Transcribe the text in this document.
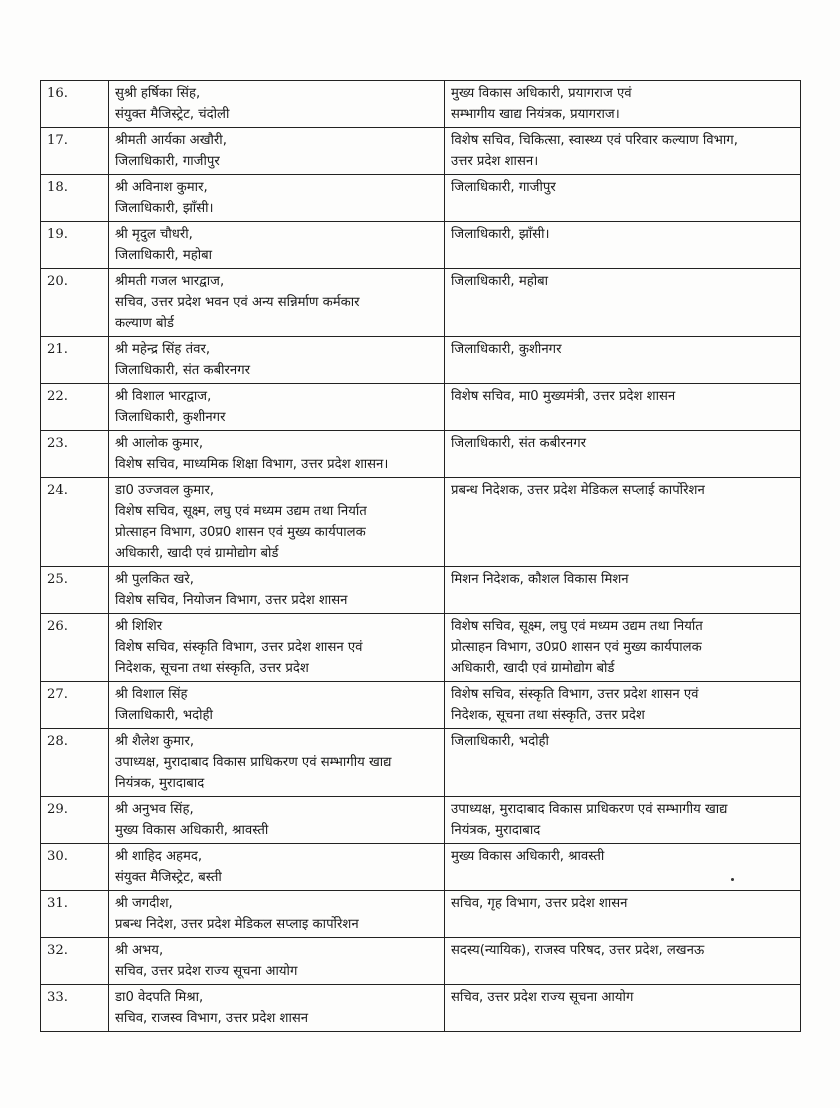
16.	सुश्री हर्षिका सिंह,
संयुक्त मैजिस्ट्रेट, चंदोली	मुख्य विकास अधिकारी, प्रयागराज एवं
सम्भागीय खाद्य नियंत्रक, प्रयागराज।

17.	श्रीमती आर्यका अखौरी,
जिलाधिकारी, गाजीपुर	विशेष सचिव, चिकित्सा, स्वास्थ्य एवं परिवार कल्याण विभाग,
उत्तर प्रदेश शासन।

18.	श्री अविनाश कुमार,
जिलाधिकारी, झाँसी।	जिलाधिकारी, गाजीपुर

19.	श्री मृदुल चौधरी,
जिलाधिकारी, महोबा	जिलाधिकारी, झाँसी।

20.	श्रीमती गजल भारद्वाज,
सचिव, उत्तर प्रदेश भवन एवं अन्य सन्निर्माण कर्मकार
कल्याण बोर्ड	जिलाधिकारी, महोबा

21.	श्री महेन्द्र सिंह तंवर,
जिलाधिकारी, संत कबीरनगर	जिलाधिकारी, कुशीनगर

22.	श्री विशाल भारद्वाज,
जिलाधिकारी, कुशीनगर	विशेष सचिव, मा0 मुख्यमंत्री, उत्तर प्रदेश शासन

23.	श्री आलोक कुमार,
विशेष सचिव, माध्यमिक शिक्षा विभाग, उत्तर प्रदेश शासन।	जिलाधिकारी, संत कबीरनगर

24.	डा0 उज्जवल कुमार,
विशेष सचिव, सूक्ष्म, लघु एवं मध्यम उद्यम तथा निर्यात
प्रोत्साहन विभाग, उ0प्र0 शासन एवं मुख्य कार्यपालक
अधिकारी, खादी एवं ग्रामोद्योग बोर्ड	प्रबन्ध निदेशक, उत्तर प्रदेश मेडिकल सप्लाई कार्पोरेशन

25.	श्री पुलकित खरे,
विशेष सचिव, नियोजन विभाग, उत्तर प्रदेश शासन	मिशन निदेशक, कौशल विकास मिशन

26.	श्री शिशिर
विशेष सचिव, संस्कृति विभाग, उत्तर प्रदेश शासन एवं
निदेशक, सूचना तथा संस्कृति, उत्तर प्रदेश	विशेष सचिव, सूक्ष्म, लघु एवं मध्यम उद्यम तथा निर्यात
प्रोत्साहन विभाग, उ0प्र0 शासन एवं मुख्य कार्यपालक
अधिकारी, खादी एवं ग्रामोद्योग बोर्ड

27.	श्री विशाल सिंह
जिलाधिकारी, भदोही	विशेष सचिव, संस्कृति विभाग, उत्तर प्रदेश शासन एवं
निदेशक, सूचना तथा संस्कृति, उत्तर प्रदेश

28.	श्री शैलेश कुमार,
उपाध्यक्ष, मुरादाबाद विकास प्राधिकरण एवं सम्भागीय खाद्य
नियंत्रक, मुरादाबाद	जिलाधिकारी, भदोही

29.	श्री अनुभव सिंह,
मुख्य विकास अधिकारी, श्रावस्ती	उपाध्यक्ष, मुरादाबाद विकास प्राधिकरण एवं सम्भागीय खाद्य
नियंत्रक, मुरादाबाद

30.	श्री शाहिद अहमद,
संयुक्त मैजिस्ट्रेट, बस्ती	मुख्य विकास अधिकारी, श्रावस्ती

31.	श्री जगदीश,
प्रबन्ध निदेश, उत्तर प्रदेश मेडिकल सप्लाइ कार्पोरेशन	सचिव, गृह विभाग, उत्तर प्रदेश शासन

32.	श्री अभय,
सचिव, उत्तर प्रदेश राज्य सूचना आयोग	सदस्य(न्यायिक), राजस्व परिषद, उत्तर प्रदेश, लखनऊ

33.	डा0 वेदपति मिश्रा,
सचिव, राजस्व विभाग, उत्तर प्रदेश शासन	सचिव, उत्तर प्रदेश राज्य सूचना आयोग
